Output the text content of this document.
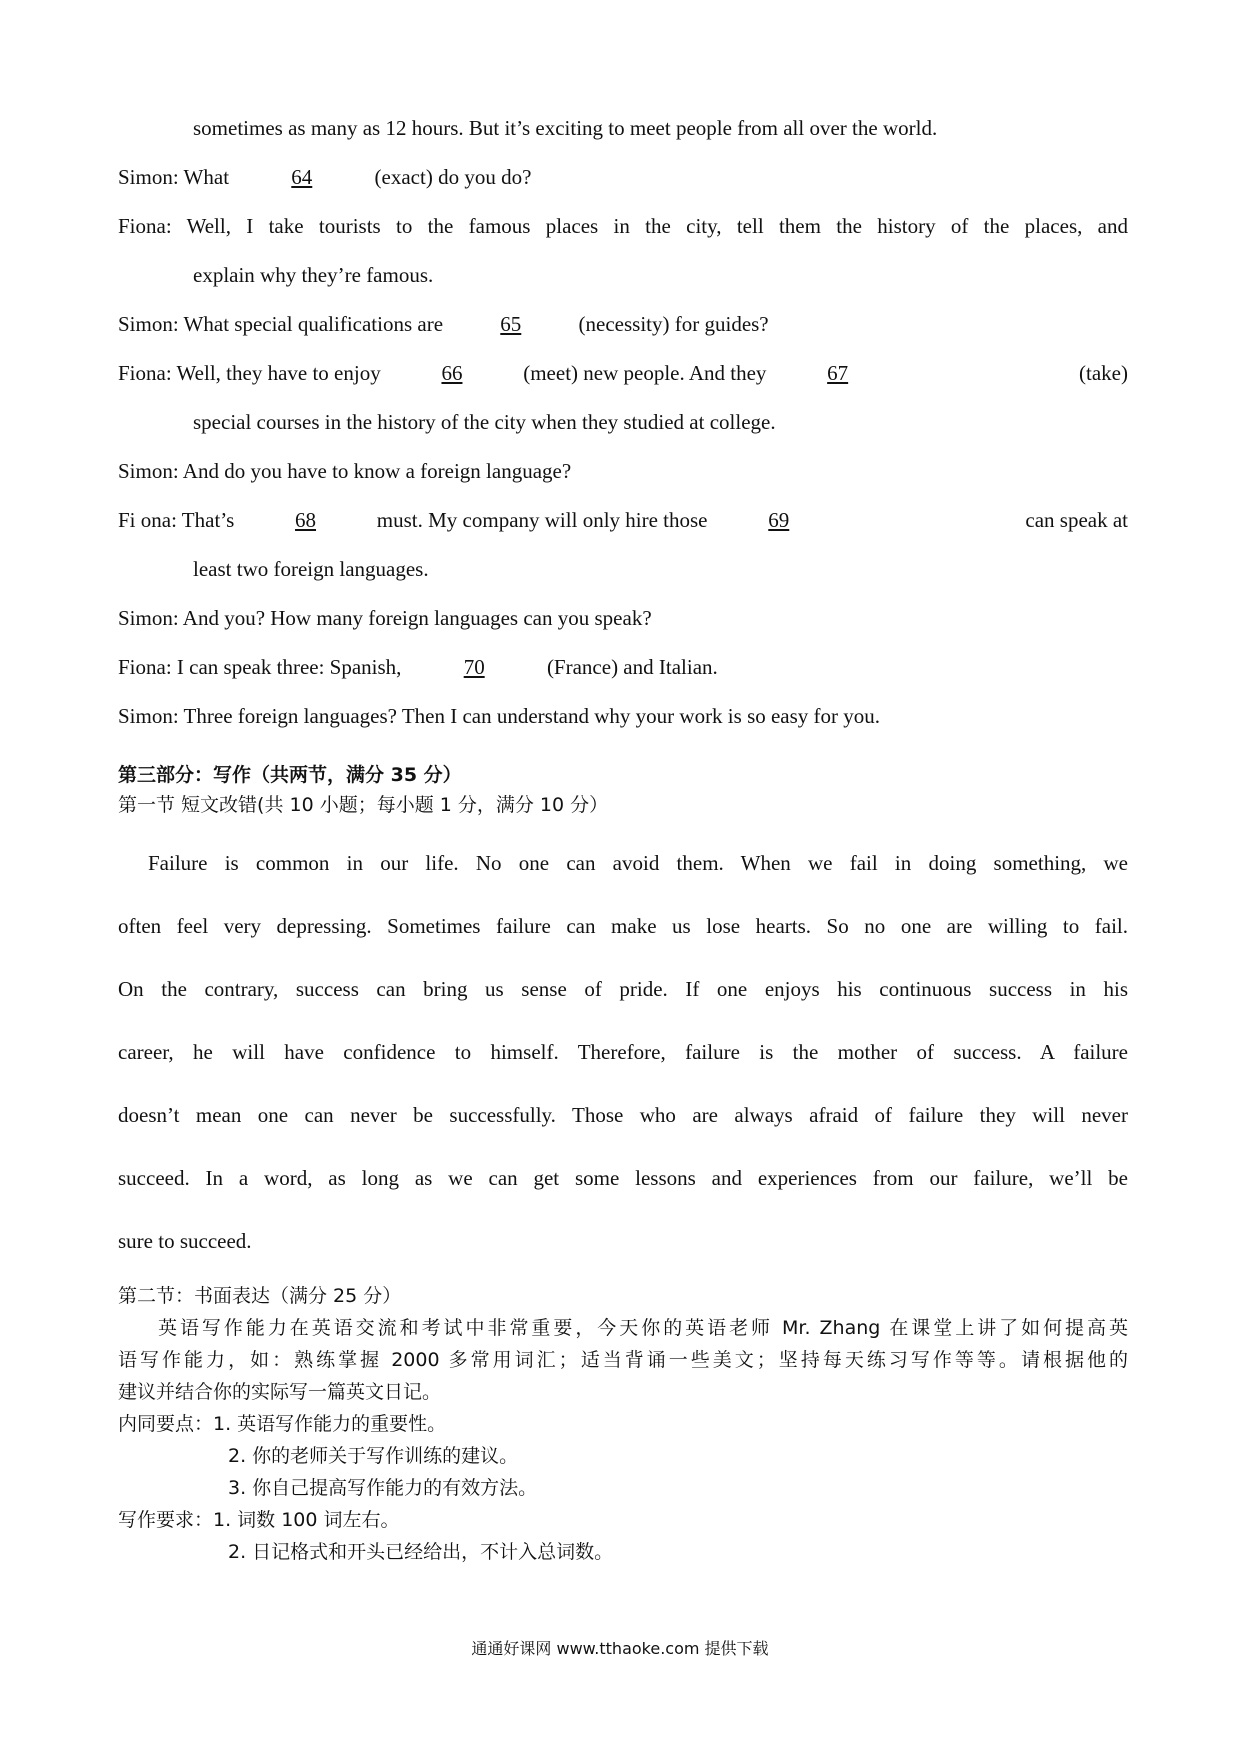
sometimes as many as 12 hours. But it’s exciting to meet people from all over the world.
Simon: What	64	(exact) do you do?
Fiona: Well, I take tourists to the famous places in the city, tell them the history of the places, and
explain why they’re famous.
Simon: What special qualifications are 65 (necessity) for guides?
Fiona: Well, they have to enjoy	66	(meet) new people. And they	67	(take)
special courses in the history of the city when they studied at college.
Simon: And do you have to know a foreign language?
Fi ona: That’s	68	must. My company will only hire those	69	can speak at
least two foreign languages.
Simon: And you? How many foreign languages can you speak?
Fiona: I can speak three: Spanish,	70	(France) and Italian.
Simon: Three foreign languages? Then I can understand why your work is so easy for you.
第三部分：写作（共两节，满分 35 分）
第一节 短文改错(共 10 小题；每小题 1 分，满分 10 分）
Failure is common in our life. No one can avoid them. When we fail in doing something, we
often feel very depressing. Sometimes failure can make us lose hearts. So no one are willing to fail.
On the contrary, success can bring us sense of pride. If one enjoys his continuous success in his
career, he will have confidence to himself. Therefore, failure is the mother of success. A failure
doesn’t mean one can never be successfully. Those who are always afraid of failure they will never
succeed. In a word, as long as we can get some lessons and experiences from our failure, we’ll be
sure to succeed.
第二节：书面表达（满分 25 分）
英语写作能力在英语交流和考试中非常重要，今天你的英语老师 Mr. Zhang 在课堂上讲了如何提高英
语写作能力，如：熟练掌握 2000 多常用词汇；适当背诵一些美文；坚持每天练习写作等等。请根据他的
建议并结合你的实际写一篇英文日记。
内同要点：1. 英语写作能力的重要性。
2. 你的老师关于写作训练的建议。
3. 你自己提高写作能力的有效方法。
写作要求：1. 词数 100 词左右。
2. 日记格式和开头已经给出，不计入总词数。
通通好课网 www.tthaoke.com 提供下载
